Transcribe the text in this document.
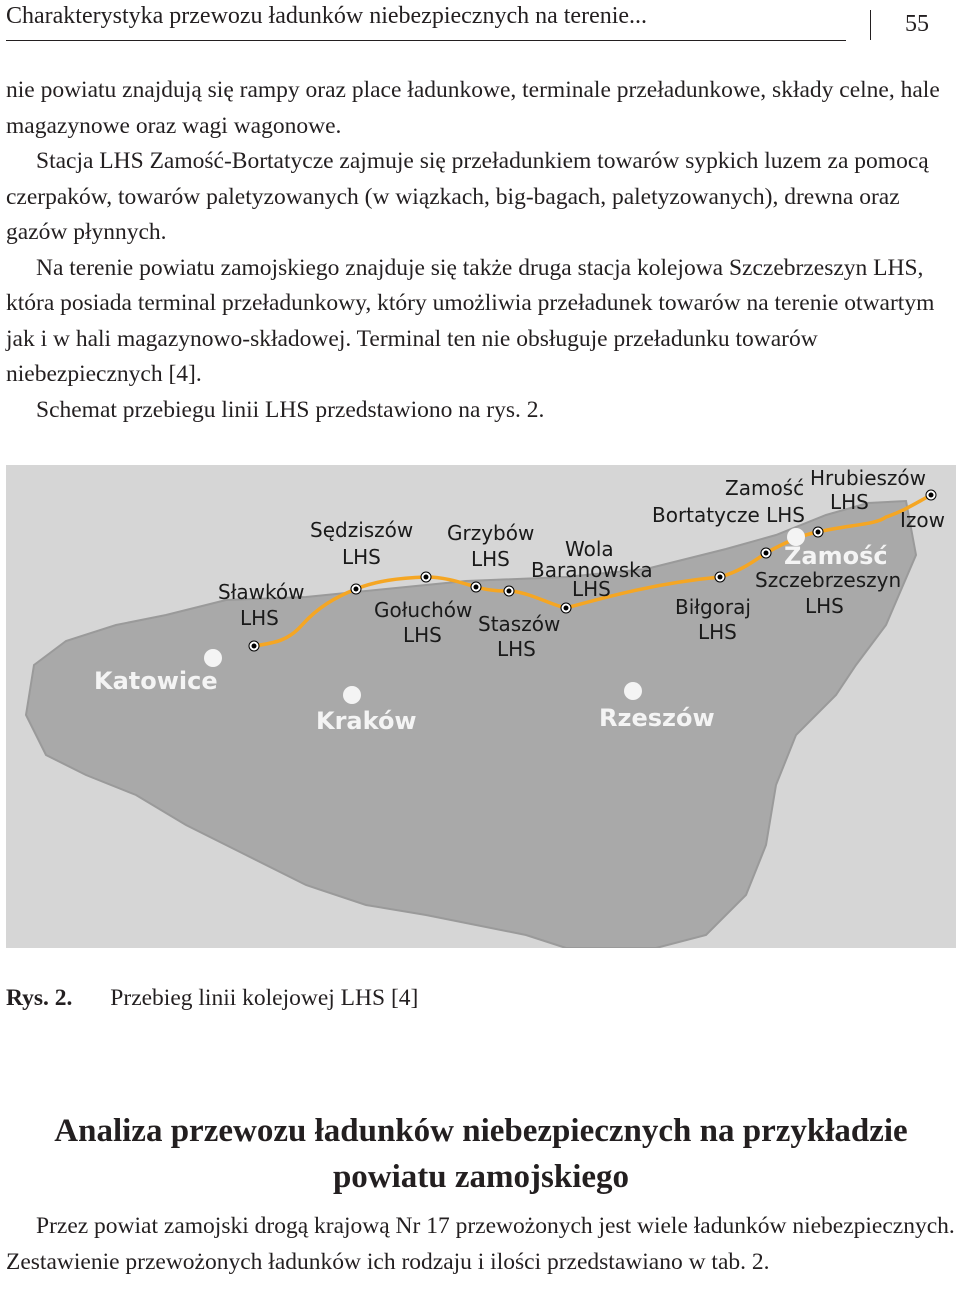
Charakterystyka przewozu ładunków niebezpiecznych na terenie...	55

nie powiatu znajdują się rampy oraz place ładunkowe, terminale przeładunkowe, składy celne, hale magazynowe oraz wagi wagonowe.

Stacja LHS Zamość-Bortatycze zajmuje się przeładunkiem towarów sypkich luzem za pomocą czerpaków, towarów paletyzowanych (w wiązkach, big-bagach, paletyzowanych), drewna oraz gazów płynnych.

Na terenie powiatu zamojskiego znajduje się także druga stacja kolejowa Szczebrzeszyn LHS, która posiada terminal przeładunkowy, który umożliwia przeładunek towarów na terenie otwartym jak i w hali magazynowo-składowej. Terminal ten nie obsługuje przeładunku towarów niebezpiecznych [4].

Schemat przebiegu linii LHS przedstawiono na rys. 2.

Katowice
Kraków	Rzeszów
Zamość
Sławków
LHS
Sędziszów
LHS
Gołuchów
LHS
Grzybów
LHS
Staszów
LHS
Wola
Baranowska
LHS
Biłgoraj
LHS
Szczebrzeszyn
LHS
Zamość
Bortatycze LHS
Hrubieszów
LHS
Izow
Rys. 2. Przebieg linii kolejowej LHS [4]
Analiza przewozu ładunków niebezpiecznych na przykładzie
powiatu zamojskiego

Przez powiat zamojski drogą krajową Nr 17 przewożonych jest wiele ładunków niebezpiecznych. Zestawienie przewożonych ładunków ich rodzaju i ilości przedstawiano w tab. 2.
